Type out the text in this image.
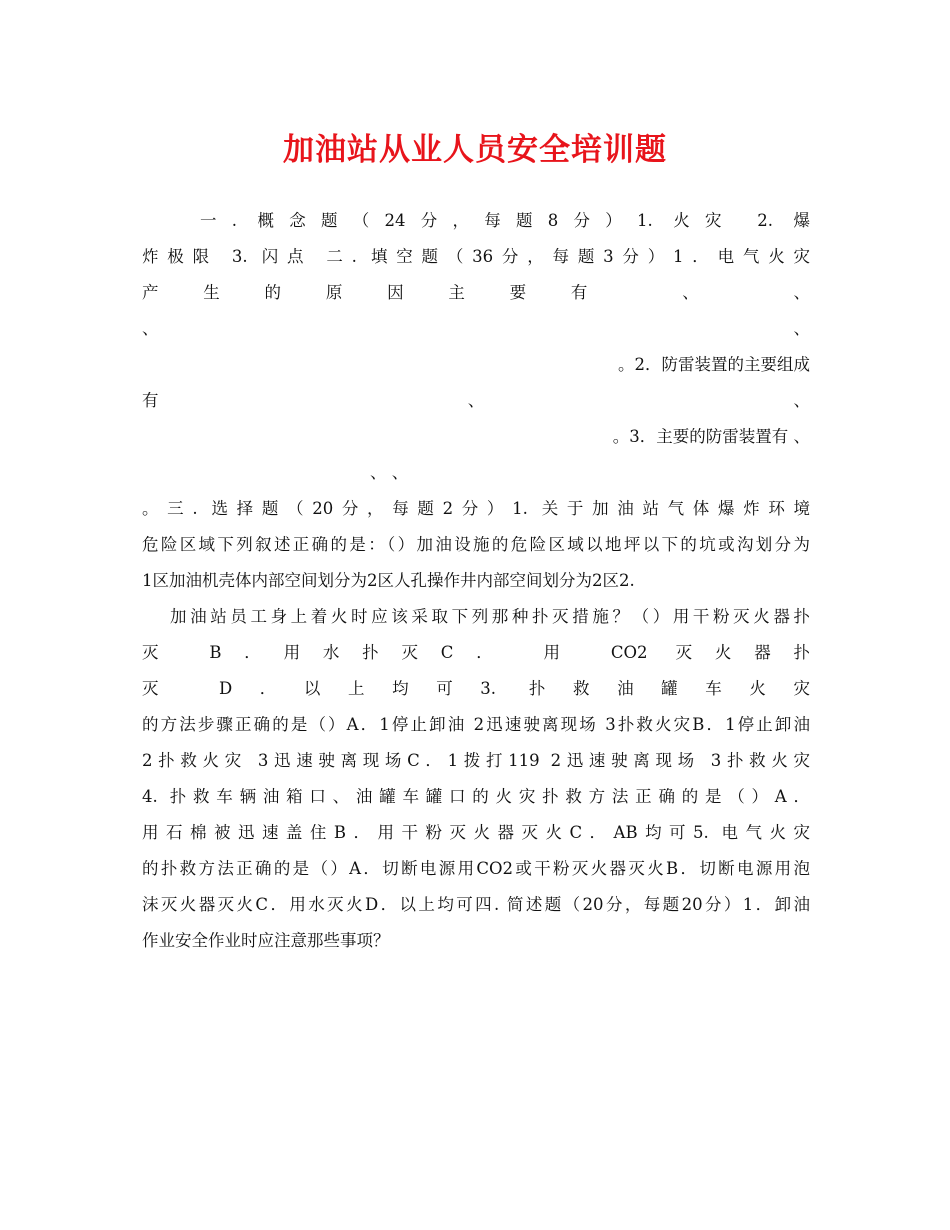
加油站从业人员安全培训题
一. 概念题（24分，每题8分）1. 火灾 2. 爆
炸极限 3. 闪点 二. 填空题（36分，每题3分）1．电气火灾
产生的原因主要有 、 、
、 、
。2．防雷装置的主要组成
有 、 、
。3．主要的防雷装置有 、
、 、
。三. 选择题（20分，每题2分）1. 关于加油站气体爆炸环境
危险区域下列叙述正确的是：（）加油设施的危险区域以地坪以下的坑或沟划分为
1区加油机壳体内部空间划分为2区人孔操作井内部空间划分为2区2.
加油站员工身上着火时应该采取下列那种扑灭措施？（）用干粉灭火器扑
灭 B．用水扑灭C． 用 CO2 灭火器扑
灭 D．以上均可3. 扑救油罐车火灾
的方法步骤正确的是（）A．1停止卸油 2迅速驶离现场 3扑救火灾B．1停止卸油
2扑救火灾 3迅速驶离现场C．1拨打119 2迅速驶离现场 3扑救火灾
4. 扑救车辆油箱口、油罐车罐口的火灾扑救方法正确的是（）A．
用石棉被迅速盖住B．用干粉灭火器灭火C．AB均可5. 电气火灾
的扑救方法正确的是（）A．切断电源用CO2或干粉灭火器灭火B．切断电源用泡
沫灭火器灭火C．用水灭火D．以上均可四. 简述题（20分，每题20分）1．卸油
作业安全作业时应注意那些事项？
